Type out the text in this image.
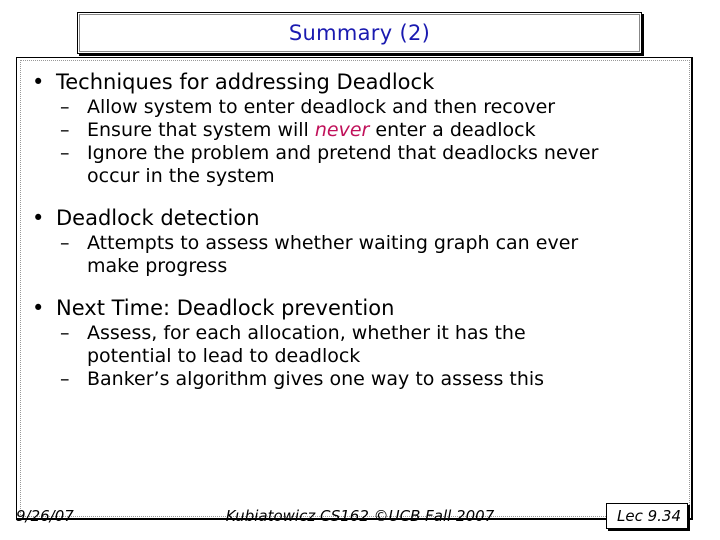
Summary (2)
• Techniques for addressing Deadlock
– Allow system to enter deadlock and then recover
– Ensure that system will never enter a deadlock
– Ignore the problem and pretend that deadlocks never
occur in the system
• Deadlock detection
– Attempts to assess whether waiting graph can ever
make progress
• Next Time: Deadlock prevention
– Assess, for each allocation, whether it has the
potential to lead to deadlock
– Banker’s algorithm gives one way to assess this
9/26/07	Kubiatowicz CS162 ©UCB Fall 2007	Lec 9.34
